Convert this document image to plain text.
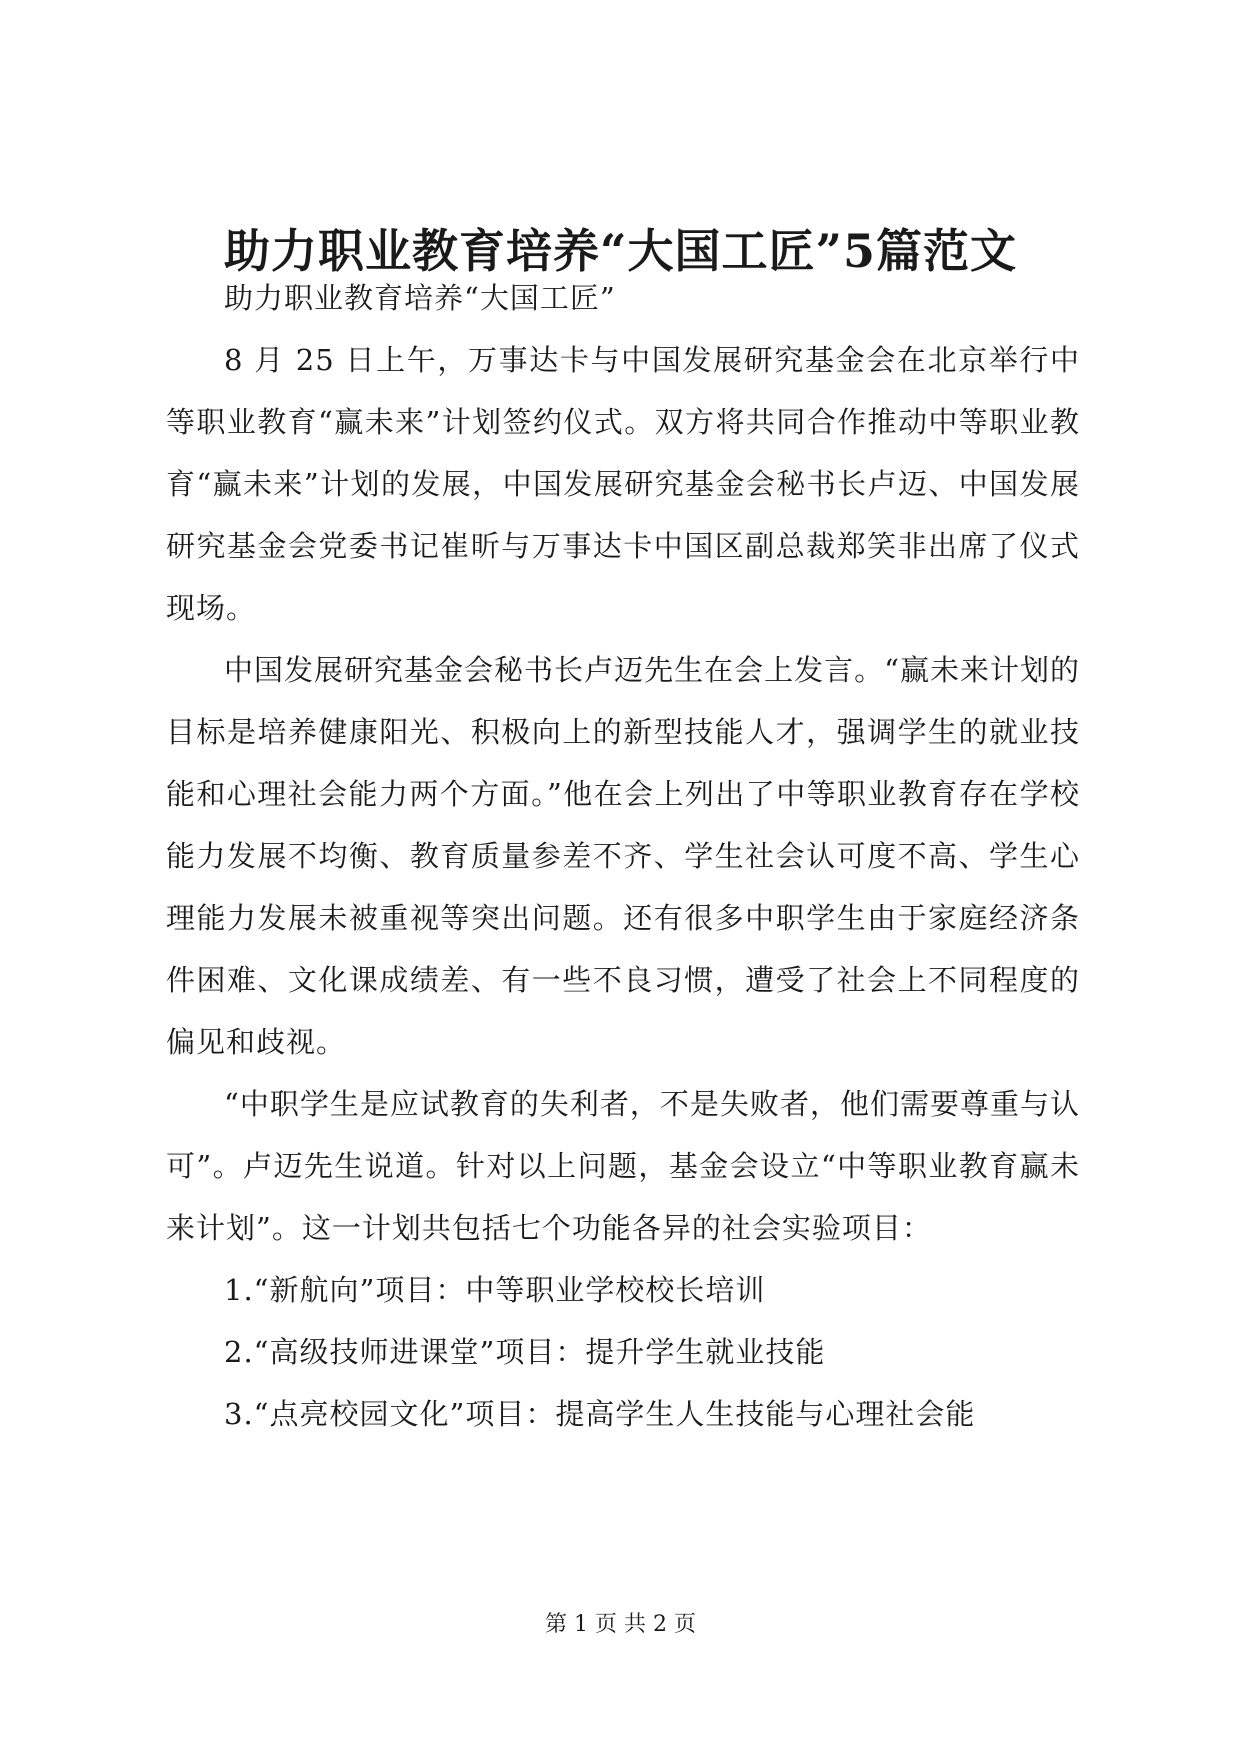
助力职业教育培养“大国工匠”5篇范文

助力职业教育培养“大国工匠”

8 月 25 日上午，万事达卡与中国发展研究基金会在北京举行中等职业教育“赢未来”计划签约仪式。双方将共同合作推动中等职业教育“赢未来”计划的发展，中国发展研究基金会秘书长卢迈、中国发展研究基金会党委书记崔昕与万事达卡中国区副总裁郑笑非出席了仪式现场。

中国发展研究基金会秘书长卢迈先生在会上发言。“赢未来计划的目标是培养健康阳光、积极向上的新型技能人才，强调学生的就业技能和心理社会能力两个方面。”他在会上列出了中等职业教育存在学校能力发展不均衡、教育质量参差不齐、学生社会认可度不高、学生心理能力发展未被重视等突出问题。还有很多中职学生由于家庭经济条件困难、文化课成绩差、有一些不良习惯，遭受了社会上不同程度的偏见和歧视。

“中职学生是应试教育的失利者，不是失败者，他们需要尊重与认可”。卢迈先生说道。针对以上问题，基金会设立“中等职业教育赢未来计划”。这一计划共包括七个功能各异的社会实验项目：

1.“新航向”项目：中等职业学校校长培训

2.“高级技师进课堂”项目：提升学生就业技能

3.“点亮校园文化”项目：提高学生人生技能与心理社会能

第 1 页 共 2 页
